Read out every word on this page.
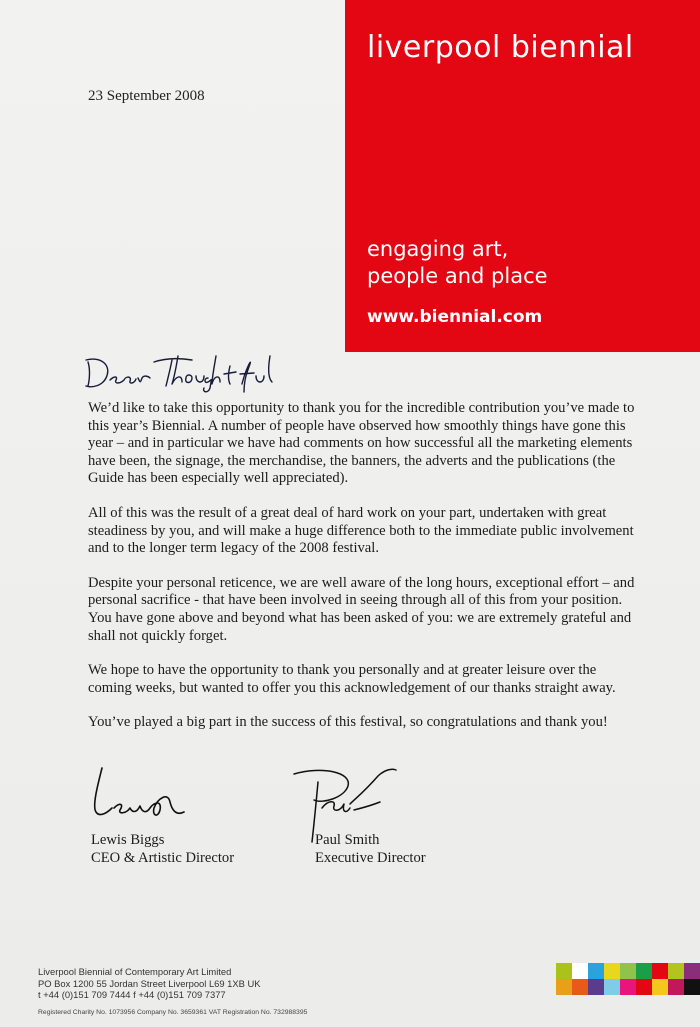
liverpool biennial
engaging art,
people and place
www.biennial.com
23 September 2008

We’d like to take this opportunity to thank you for the incredible contribution you’ve made to this year’s Biennial. A number of people have observed how smoothly things have gone this year – and in particular we have had comments on how successful all the marketing elements have been, the signage, the merchandise, the banners, the adverts and the publications (the Guide has been especially well appreciated).

All of this was the result of a great deal of hard work on your part, undertaken with great steadiness by you, and will make a huge difference both to the immediate public involvement and to the longer term legacy of the 2008 festival.

Despite your personal reticence, we are well aware of the long hours, exceptional effort – and personal sacrifice - that have been involved in seeing through all of this from your position. You have gone above and beyond what has been asked of you: we are extremely grateful and shall not quickly forget.

We hope to have the opportunity to thank you personally and at greater leisure over the coming weeks, but wanted to offer you this acknowledgement of our thanks straight away.

You’ve played a big part in the success of this festival, so congratulations and thank you!

Lewis Biggs
CEO & Artistic Director
Paul Smith
Executive Director
Liverpool Biennial of Contemporary Art Limited
PO Box 1200 55 Jordan Street Liverpool L69 1XB UK
t +44 (0)151 709 7444 f +44 (0)151 709 7377
Registered Charity No. 1073956 Company No. 3659361 VAT Registration No. 732988395
